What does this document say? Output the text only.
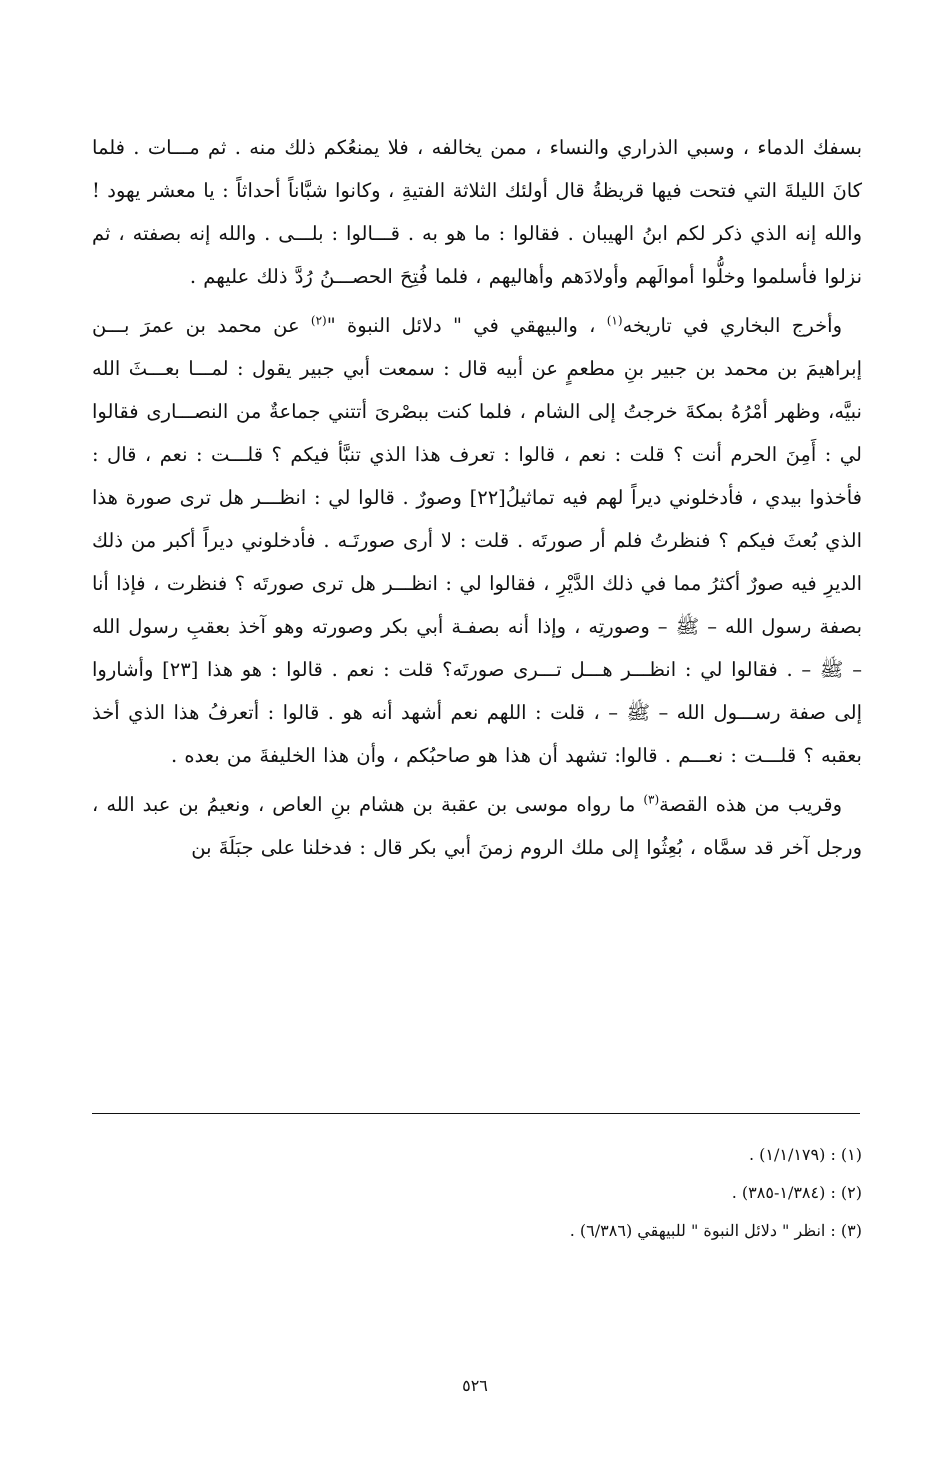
بسفك الدماء ، وسبي الذراري والنساء ، ممن يخالفه ، فلا يمنعُكم ذلك منه . ثم مـــات . فلما كانَ الليلةَ التي فتحت فيها قريظةُ قال أولئك الثلاثة الفتيةِ ، وكانوا شبَّاناً أحداثاً : يا معشر يهود ! والله إنه الذي ذكر لكم ابنُ الهيبان . فقالوا : ما هو به . قـــالوا : بلـــى . والله إنه بصفته ، ثم نزلوا فأسلموا وخلُّوا أموالَهم وأولادَهم وأهاليهم ، فلما فُتِحَ الحصـــنُ رُدَّ ذلك عليهم .

وأخرج البخاري في تاريخه$^{(١)}$ ، والبيهقي في " دلائل النبوة "$^{(٢)}$ عن محمد بن عمرَ بـــن إبراهيمَ بن محمد بن جبير بنِ مطعمٍ عن أبيه قال : سمعت أبي جبير يقول : لمـــا بعـــثَ الله نبيَّه، وظهر أمْرُهُ بمكةَ خرجتُ إلى الشام ، فلما كنت ببصْرىَ أتتني جماعةٌ من النصـــارى فقالوا لي : أَمِنَ الحرم أنت ؟ قلت : نعم ، قالوا : تعرف هذا الذي تنبَّأ فيكم ؟ قلـــت : نعم ، قال : فأخذوا بيدي ، فأدخلوني ديراً لهم فيه تماثيلُ[٢٢] وصورٌ . قالوا لي : انظـــر هل ترى صورة هذا الذي بُعثَ فيكم ؟ فنظرتُ فلم أر صورتَه . قلت : لا أرى صورتَـه . فأدخلوني ديراً أكبر من ذلك الديرِ فيه صورٌ أكثرُ مما في ذلك الدَّيْرِ ، فقالوا لي : انظـــر هل ترى صورتَه ؟ فنظرت ، فإذا أنا بصفة رسول الله – ﷺ – وصورتِه ، وإذا أنه بصفـة أبي بكر وصورته وهو آخذ بعقبِ رسول الله – ﷺ – . فقالوا لي : انظـــر هـــل تـــرى صورتَه؟ قلت : نعم . قالوا : هو هذا [٢٣] وأشاروا إلى صفة رســـول الله – ﷺ – ، قلت : اللهم نعم أشهد أنه هو . قالوا : أتعرفُ هذا الذي أخذ بعقبه ؟ قلـــت : نعـــم . قالوا: تشهد أن هذا هو صاحبُكم ، وأن هذا الخليفةَ من بعده .

وقريب من هذه القصة$^{(٣)}$ ما رواه موسى بن عقبة بن هشام بنِ العاص ، ونعيمُ بن عبد الله ، ورجل آخر قد سمَّاه ، بُعِثُوا إلى ملك الروم زمنَ أبي بكر قال : فدخلنا على جبَلَةَ بن

(١) : (١/١/١٧٩) .

(٢) : (١/٣٨٤-٣٨٥) .

(٣) : انظر " دلائل النبوة " للبيهقي (٦/٣٨٦) .

٥٢٦
